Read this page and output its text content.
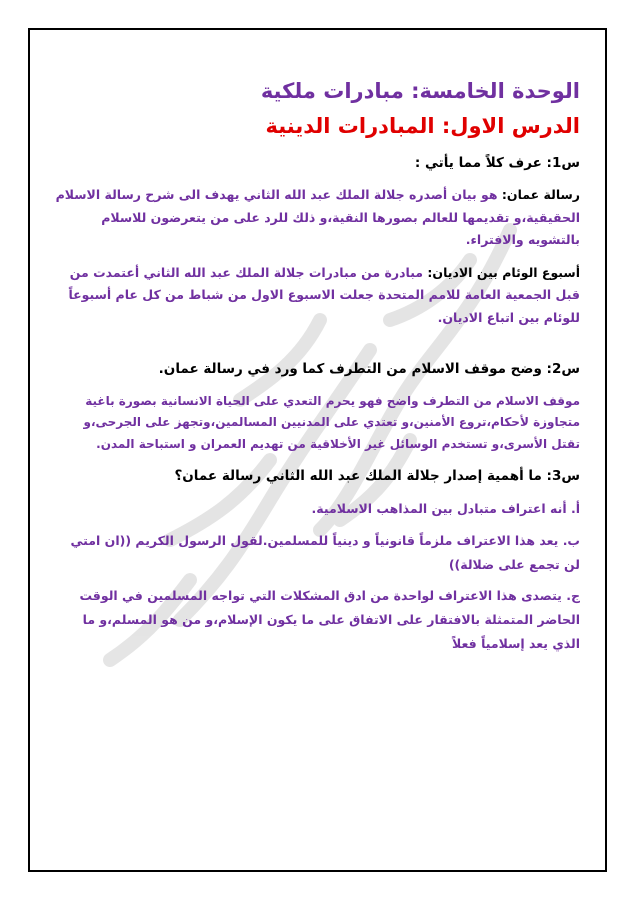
الوحدة الخامسة: مبادرات ملكية
الدرس الاول: المبادرات الدينية
س1: عرف كلاً مما يأتي :

رسالة عمان: هو بيان أصدره جلالة الملك عبد الله الثاني يهدف الى شرح رسالة الاسلام الحقيقية،و تقديمها للعالم بصورها النقية،و ذلك للرد على من يتعرضون للاسلام بالتشويه والافتراء.

أسبوع الوئام بين الاديان: مبادرة من مبادرات جلالة الملك عبد الله الثاني أعتمدت من قبل الجمعية العامة للامم المتحدة جعلت الاسبوع الاول من شباط من كل عام أسبوعاً للوئام بين اتباع الاديان.

س2: وضح موقف الاسلام من التطرف كما ورد في رسالة عمان.

موقف الاسلام من التطرف واضح فهو يحرم التعدي على الحياة الانسانية بصورة باغية متجاوزة لأحكام،تروع الأمنين،و تعتدي على المدنيين المسالمين،وتجهز على الجرحى،و تقتل الأسرى،و تستخدم الوسائل غير الأخلاقية من تهديم العمران و استباحة المدن.

س3: ما أهمية إصدار جلالة الملك عبد الله الثاني رسالة عمان؟

أ. أنه اعتراف متبادل بين المذاهب الاسلامية.

ب. يعد هذا الاعتراف ملزماً قانونياً و دينياً للمسلمين.لقول الرسول الكريم ((ان امتي لن تجمع على ضلالة))

ج. يتصدى هذا الاعتراف لواحدة من ادق المشكلات التي تواجه المسلمين في الوقت الحاضر المتمثلة بالافتقار على الاتفاق على ما يكون الإسلام،و من هو المسلم،و ما الذي يعد إسلامياً فعلاً
